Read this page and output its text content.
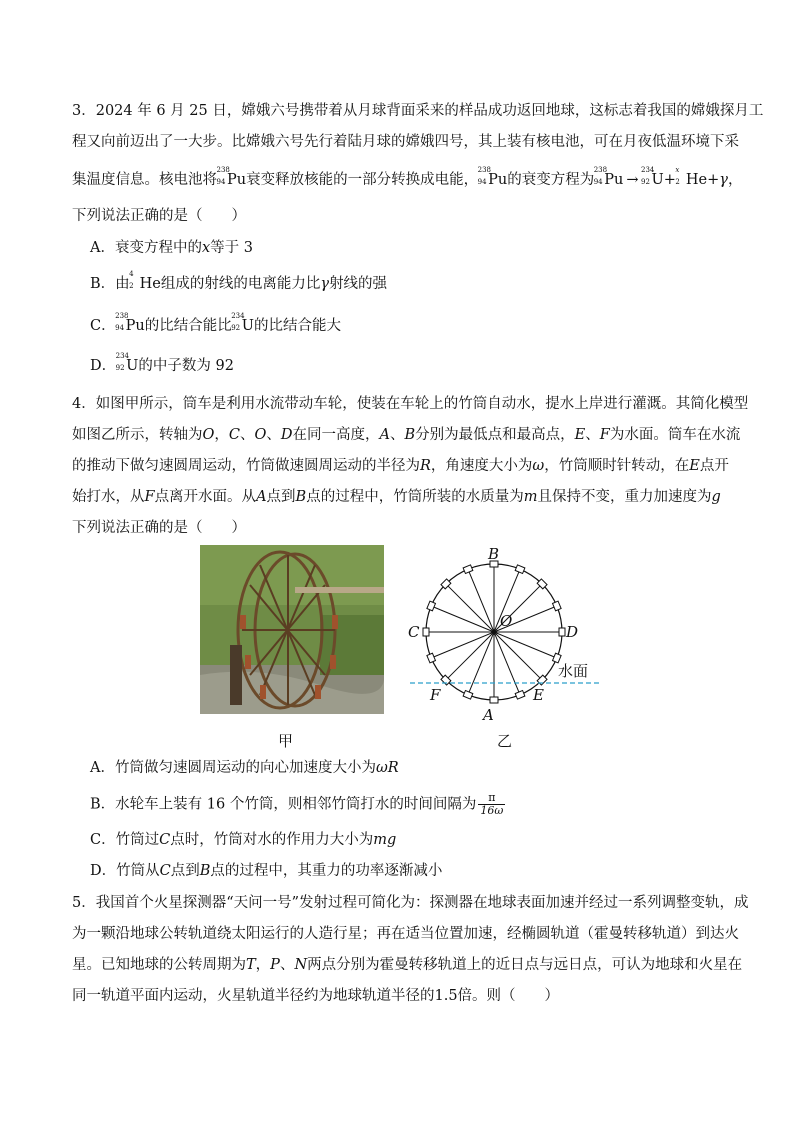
3．2024 年 6 月 25 日，嫦娥六号携带着从月球背面采来的样品成功返回地球，这标志着我国的嫦娥探月工
程又向前迈出了一大步。比嫦娥六号先行着陆月球的嫦娥四号，其上装有核电池，可在月夜低温环境下采
集温度信息。核电池将
238
94 Pu衰变释放核能的一部分转换成电能，
238
94 Pu的衰变方程为
238
94 Pu →
234
92 U+
x
2 He+γ，
下列说法正确的是（　　）
A．衰变方程中的x等于 3
B．由
4
2 He组成的射线的电离能力比γ射线的强
C．
238
94 Pu的比结合能比
234
92 U的比结合能大
D．
234
92 U的中子数为 92
4．如图甲所示，筒车是利用水流带动车轮，使装在车轮上的竹筒自动水，提水上岸进行灌溉。其简化模型
如图乙所示，转轴为O，C、O、D在同一高度，A、B分别为最低点和最高点，E、F为水面。筒车在水流
的推动下做匀速圆周运动，竹筒做速圆周运动的半径为R，角速度大小为ω，竹筒顺时针转动，在E点开
始打水，从F点离开水面。从A点到B点的过程中，竹筒所装的水质量为m且保持不变，重力加速度为g
下列说法正确的是（　　）
B
O
C	D
水面
F	E
A
甲	乙
A．竹筒做匀速圆周运动的向心加速度大小为ωR
B．水轮车上装有 16 个竹筒，则相邻竹筒打水的时间间隔为 $\frac{\pi}{16\omega}$
C．竹筒过C点时，竹筒对水的作用力大小为mg
D．竹筒从C点到B点的过程中，其重力的功率逐渐减小
5．我国首个火星探测器“天问一号”发射过程可简化为：探测器在地球表面加速并经过一系列调整变轨，成
为一颗沿地球公转轨道绕太阳运行的人造行星；再在适当位置加速，经椭圆轨道（霍曼转移轨道）到达火
星。已知地球的公转周期为T，P、N两点分别为霍曼转移轨道上的近日点与远日点，可认为地球和火星在
同一轨道平面内运动，火星轨道半径约为地球轨道半径的1.5倍。则（　　）
